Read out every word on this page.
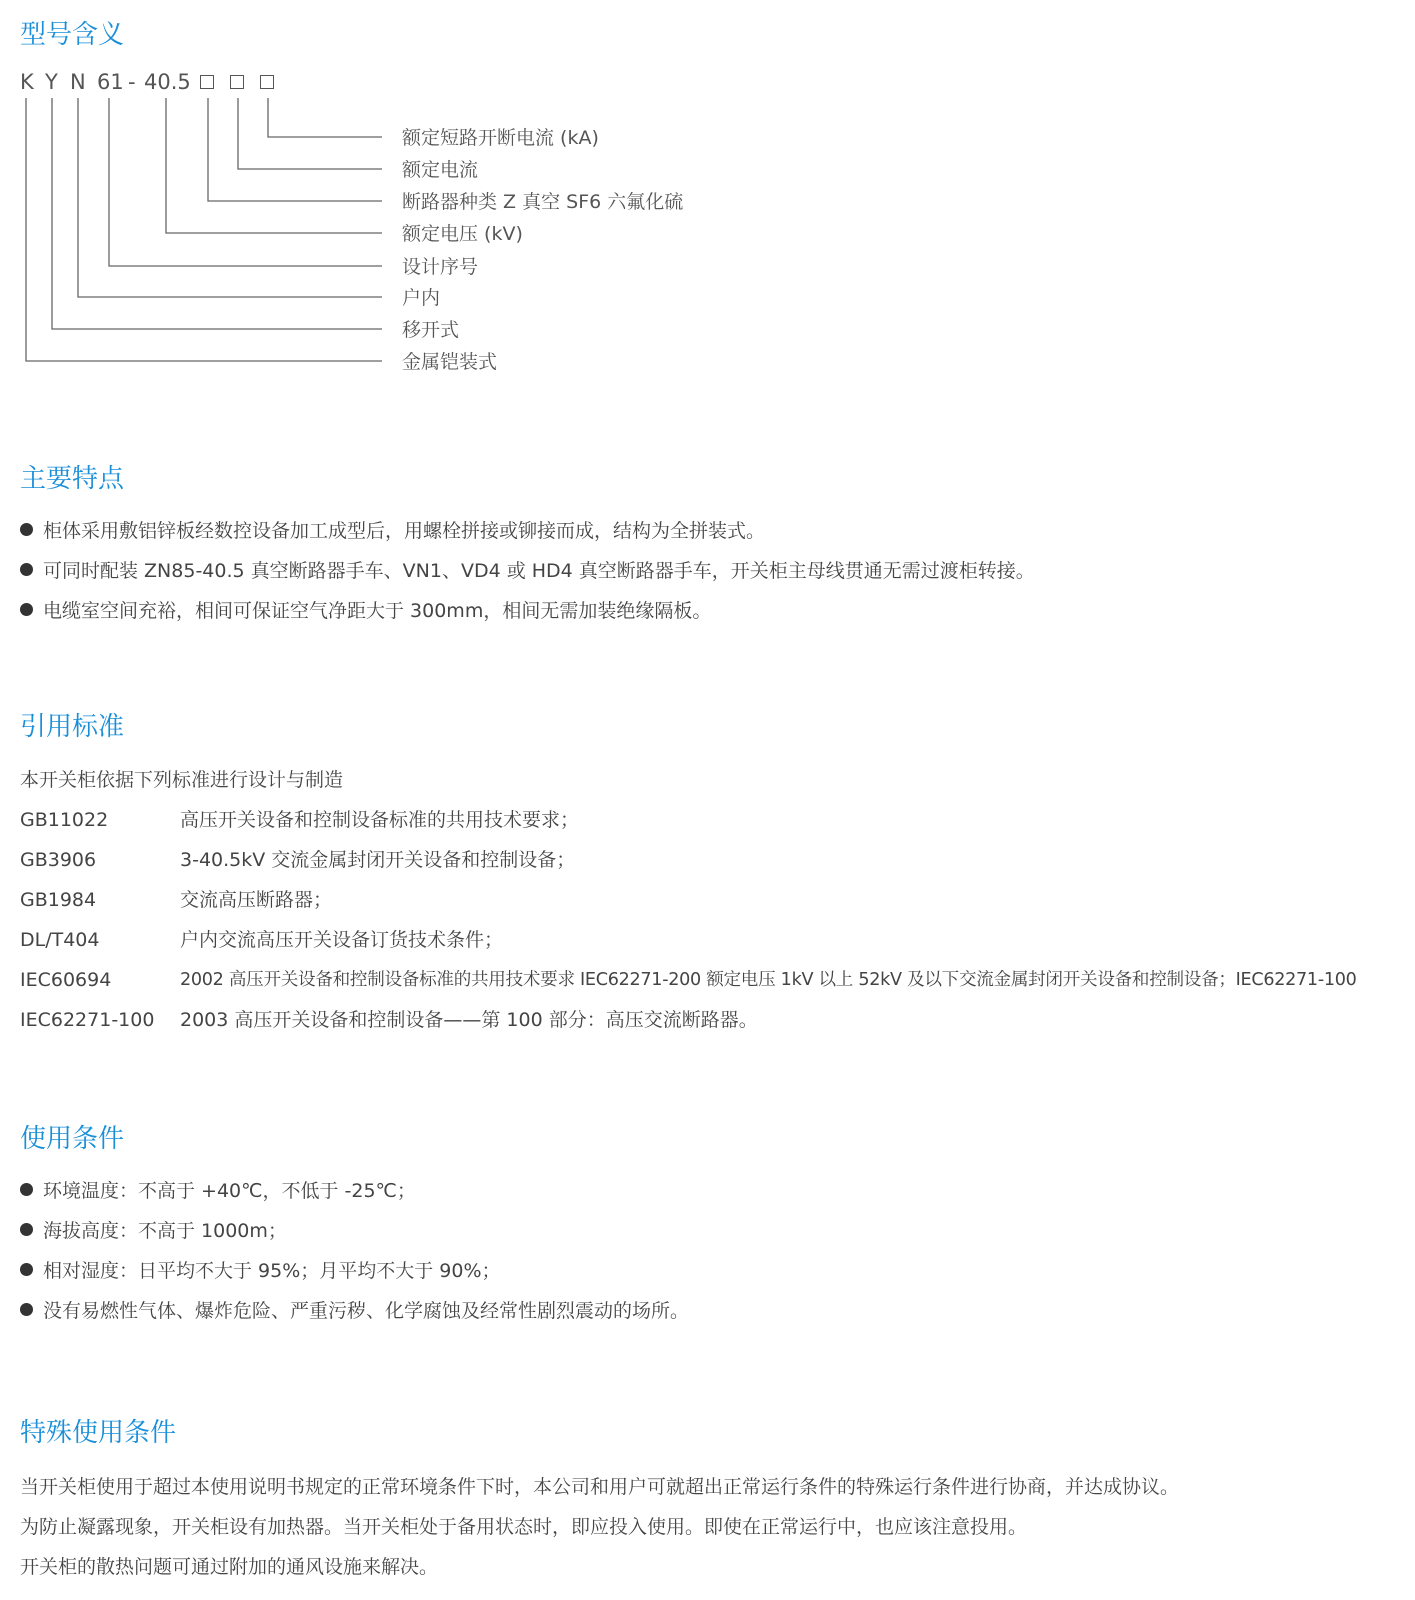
型号含义
K Y N 61 - 40.5
额定短路开断电流 (kA)
额定电流
断路器种类 Z 真空 SF6 六氟化硫
额定电压 (kV)
设计序号
户内
移开式
金属铠装式
主要特点
柜体采用敷铝锌板经数控设备加工成型后，用螺栓拼接或铆接而成，结构为全拼装式。
可同时配装 ZN85-40.5 真空断路器手车、VN1、VD4 或 HD4 真空断路器手车，开关柜主母线贯通无需过渡柜转接。
电缆室空间充裕，相间可保证空气净距大于 300mm，相间无需加装绝缘隔板。
引用标准
本开关柜依据下列标准进行设计与制造
GB11022	高压开关设备和控制设备标准的共用技术要求；
GB3906	3-40.5kV 交流金属封闭开关设备和控制设备；
GB1984	交流高压断路器；
DL/T404	户内交流高压开关设备订货技术条件；
IEC60694	2002 高压开关设备和控制设备标准的共用技术要求 IEC62271-200 额定电压 1kV 以上 52kV 及以下交流金属封闭开关设备和控制设备；IEC62271-100
IEC62271-100 2003 高压开关设备和控制设备——第 100 部分：高压交流断路器。
使用条件
环境温度：不高于 +40℃，不低于 -25℃；
海拔高度：不高于 1000m；
相对湿度：日平均不大于 95%；月平均不大于 90%；
没有易燃性气体、爆炸危险、严重污秽、化学腐蚀及经常性剧烈震动的场所。
特殊使用条件
当开关柜使用于超过本使用说明书规定的正常环境条件下时，本公司和用户可就超出正常运行条件的特殊运行条件进行协商，并达成协议。
为防止凝露现象，开关柜设有加热器。当开关柜处于备用状态时，即应投入使用。即使在正常运行中，也应该注意投用。
开关柜的散热问题可通过附加的通风设施来解决。
